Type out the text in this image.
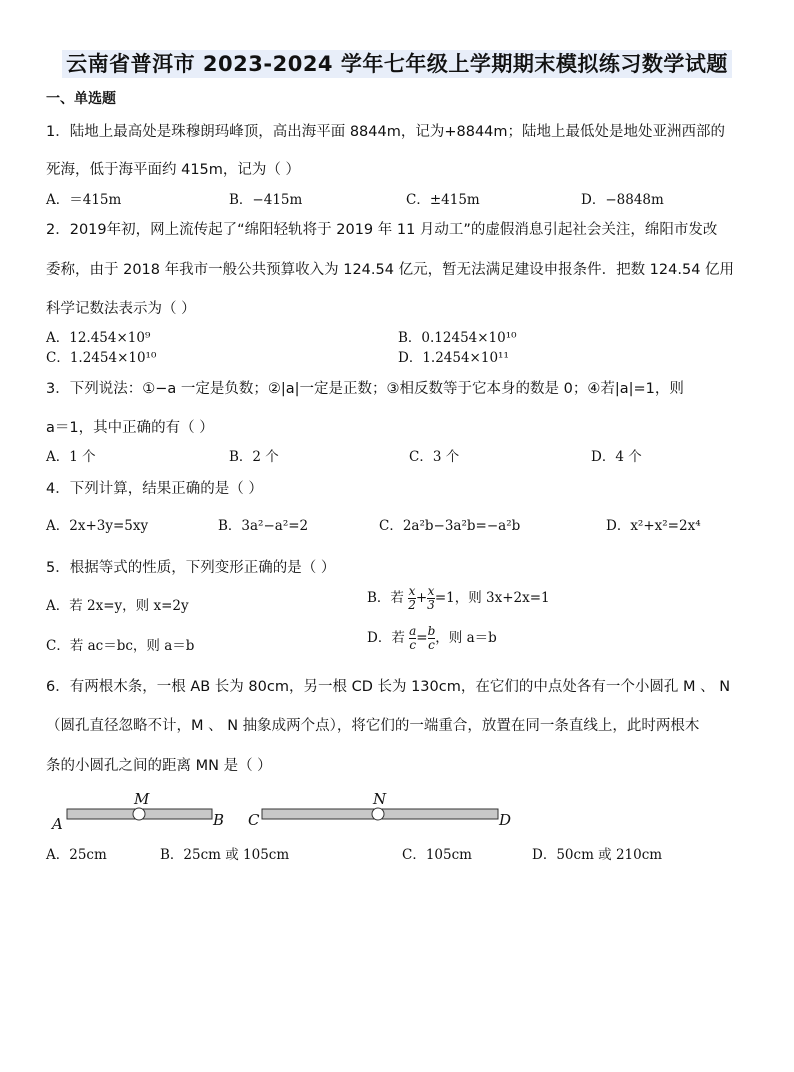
云南省普洱市 2023-2024 学年七年级上学期期末模拟练习数学试题
一、单选题
1．陆地上最高处是珠穆朗玛峰顶，高出海平面 8844m，记为+8844m；陆地上最低处是地处亚洲西部的
死海，低于海平面约 415m，记为（ ）
A．＝415m	B．−415m	C．±415m	D．−8848m
2．2019年初，网上流传起了“绵阳轻轨将于 2019 年 11 月动工”的虚假消息引起社会关注，绵阳市发改
委称，由于 2018 年我市一般公共预算收入为 124.54 亿元，暂无法满足建设申报条件．把数 124.54 亿用
科学记数法表示为（ ）
A．12.454×10⁹	B．0.12454×10¹⁰
C．1.2454×10¹⁰	D．1.2454×10¹¹
3．下列说法：①−a 一定是负数；②|a|一定是正数；③相反数等于它本身的数是 0；④若|a|=1，则
a＝1，其中正确的有（ ）
A．1 个	B．2 个	C．3 个	D．4 个
4．下列计算，结果正确的是（ ）
A．2x+3y=5xy	B．3a²−a²=2	C．2a²b−3a²b=−a²b	D．x²+x²=2x⁴
5．根据等式的性质，下列变形正确的是（ ）
A．若 2x=y，则 x=2y	B．若 x
2 +x
3 =1，则 3x+2x=1
C．若 ac＝bc，则 a＝b	D．若 a
c =b
c ，则 a＝b
6．有两根木条，一根 AB 长为 80cm，另一根 CD 长为 130cm，在它们的中点处各有一个小圆孔 M 、 N
（圆孔直径忽略不计，M 、 N 抽象成两个点），将它们的一端重合，放置在同一条直线上，此时两根木
条的小圆孔之间的距离 MN 是（ ）
M
A	B
N
C	D
A．25cm	B．25cm 或 105cm	C．105cm	D．50cm 或 210cm
